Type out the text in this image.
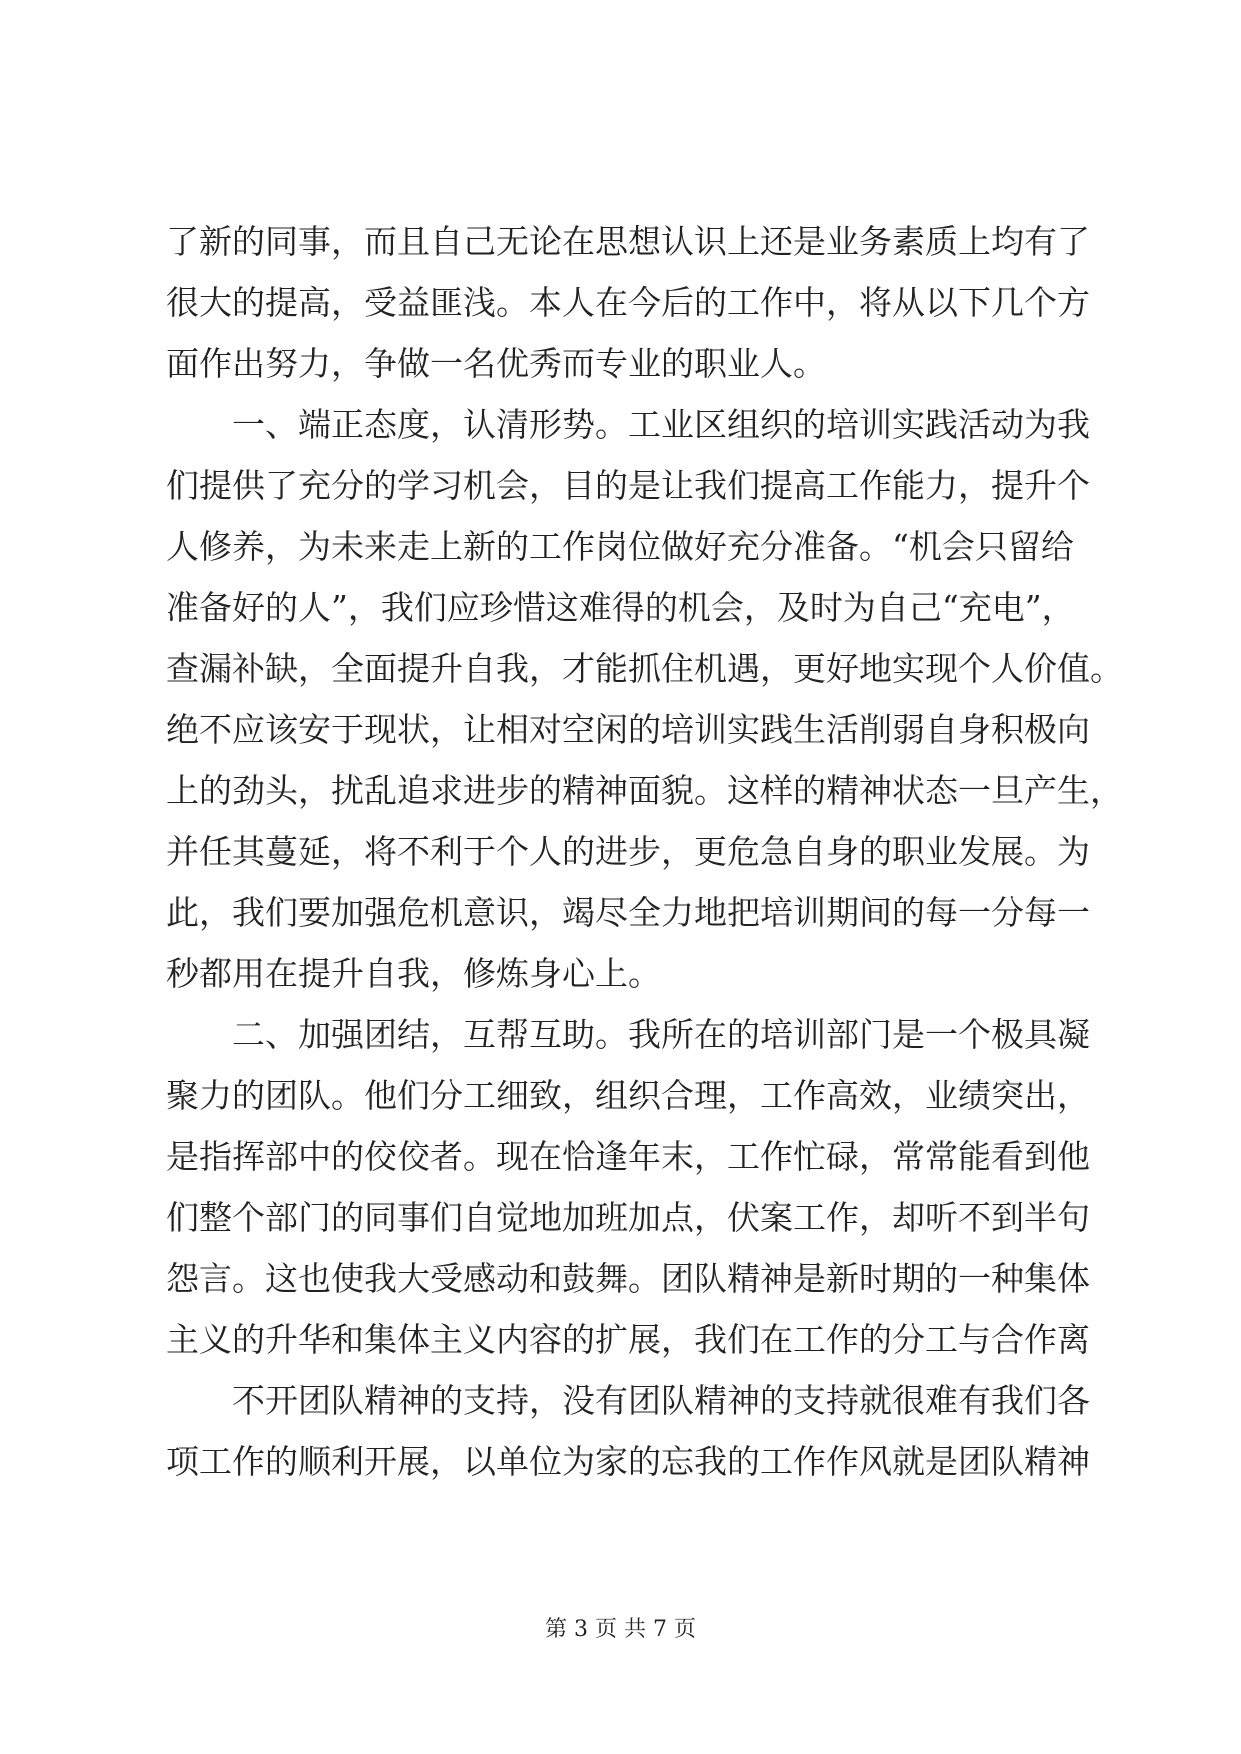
了新的同事，而且自己无论在思想认识上还是业务素质上均有了
很大的提高，受益匪浅。本人在今后的工作中，将从以下几个方
面作出努力，争做一名优秀而专业的职业人。
一、端正态度，认清形势。工业区组织的培训实践活动为我
们提供了充分的学习机会，目的是让我们提高工作能力，提升个
人修养，为未来走上新的工作岗位做好充分准备。“机会只留给
准备好的人”，我们应珍惜这难得的机会，及时为自己“充电”，
查漏补缺，全面提升自我，才能抓住机遇，更好地实现个人价值。
绝不应该安于现状，让相对空闲的培训实践生活削弱自身积极向
上的劲头，扰乱追求进步的精神面貌。这样的精神状态一旦产生，
并任其蔓延，将不利于个人的进步，更危急自身的职业发展。为
此，我们要加强危机意识，竭尽全力地把培训期间的每一分每一
秒都用在提升自我，修炼身心上。
二、加强团结，互帮互助。我所在的培训部门是一个极具凝
聚力的团队。他们分工细致，组织合理，工作高效，业绩突出，
是指挥部中的佼佼者。现在恰逢年末，工作忙碌，常常能看到他
们整个部门的同事们自觉地加班加点，伏案工作，却听不到半句
怨言。这也使我大受感动和鼓舞。团队精神是新时期的一种集体
主义的升华和集体主义内容的扩展，我们在工作的分工与合作离
不开团队精神的支持，没有团队精神的支持就很难有我们各
项工作的顺利开展，以单位为家的忘我的工作作风就是团队精神
第 3 页 共 7 页
